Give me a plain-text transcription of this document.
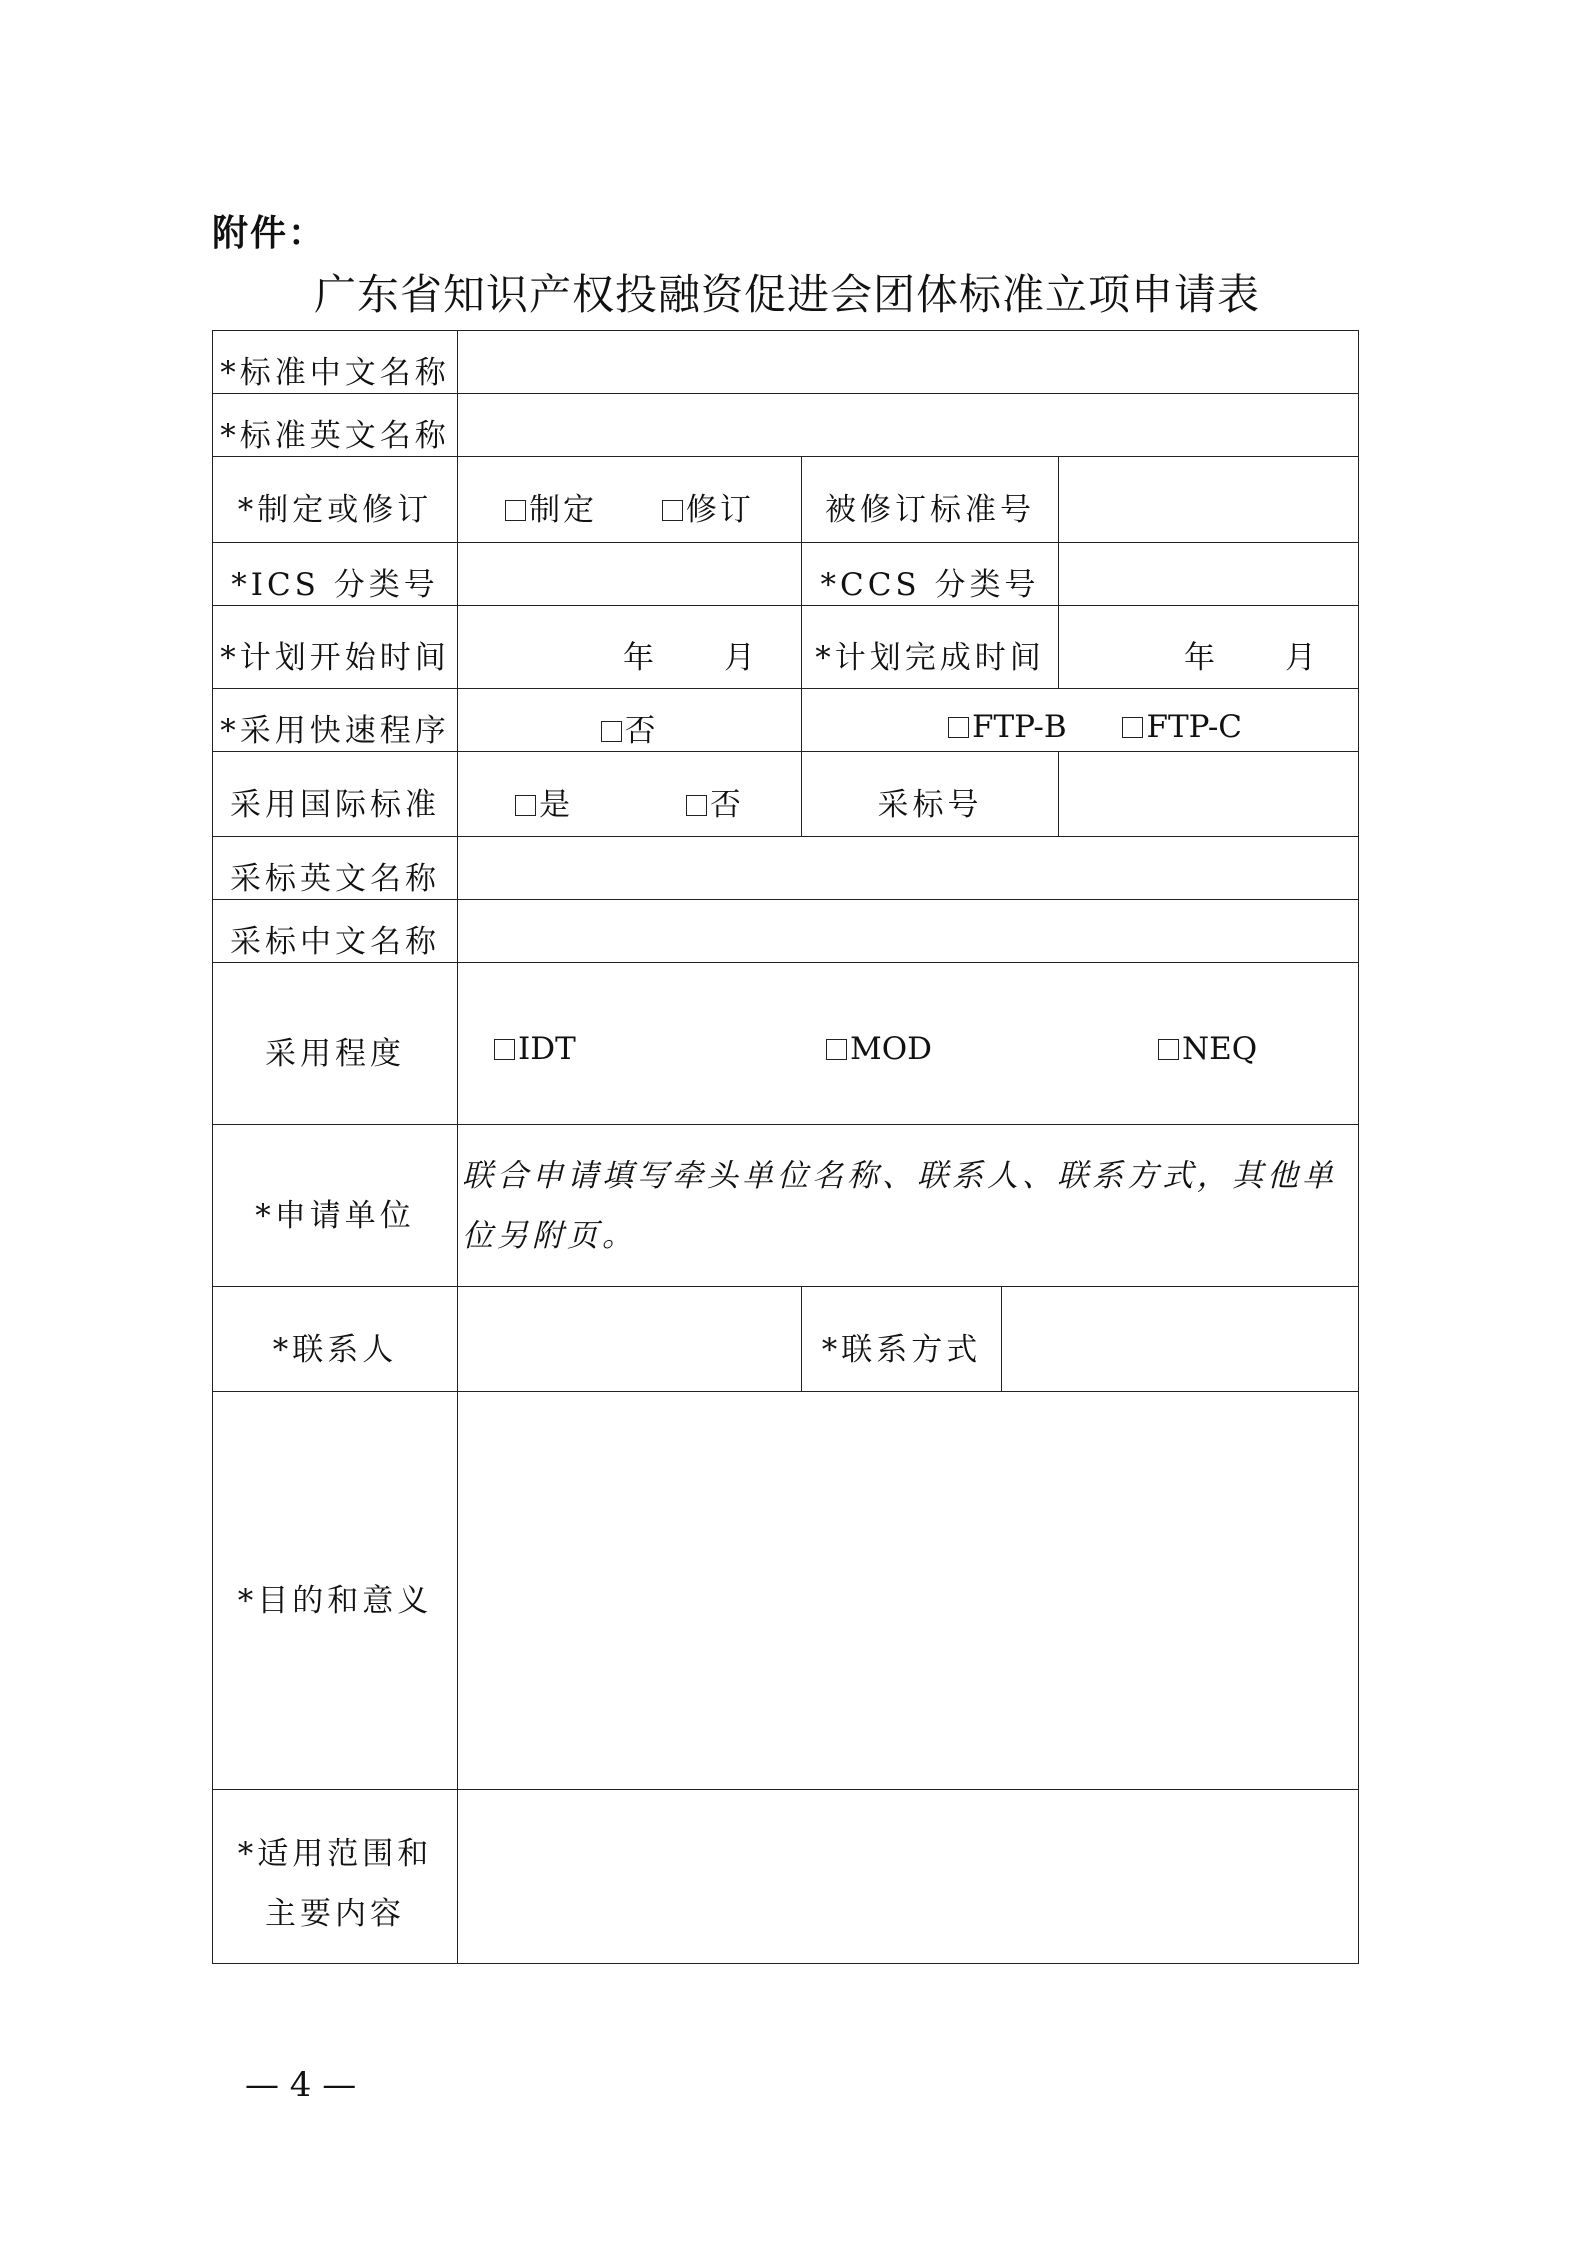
附件：
广东省知识产权投融资促进会团体标准立项申请表
*标准中文名称				
*标准英文名称				
*制定或修订	制定 修订	被修订标准号		
*ICS 分类号		*CCS 分类号		
*计划开始时间	年 月	*计划完成时间		年 月
*采用快速程序	否	FTP-B FTP-C		
采用国际标准	是 否	采标号		
采标英文名称				
采标中文名称				
采用程度	IDT MOD NEQ			

*申请单位	联合申请填写牵头单位名称、联系人、联系方式，其他单位另附页。			
*联系人		*联系方式		
*目的和意义				
*适用范围和
主要内容				
— 4 —
